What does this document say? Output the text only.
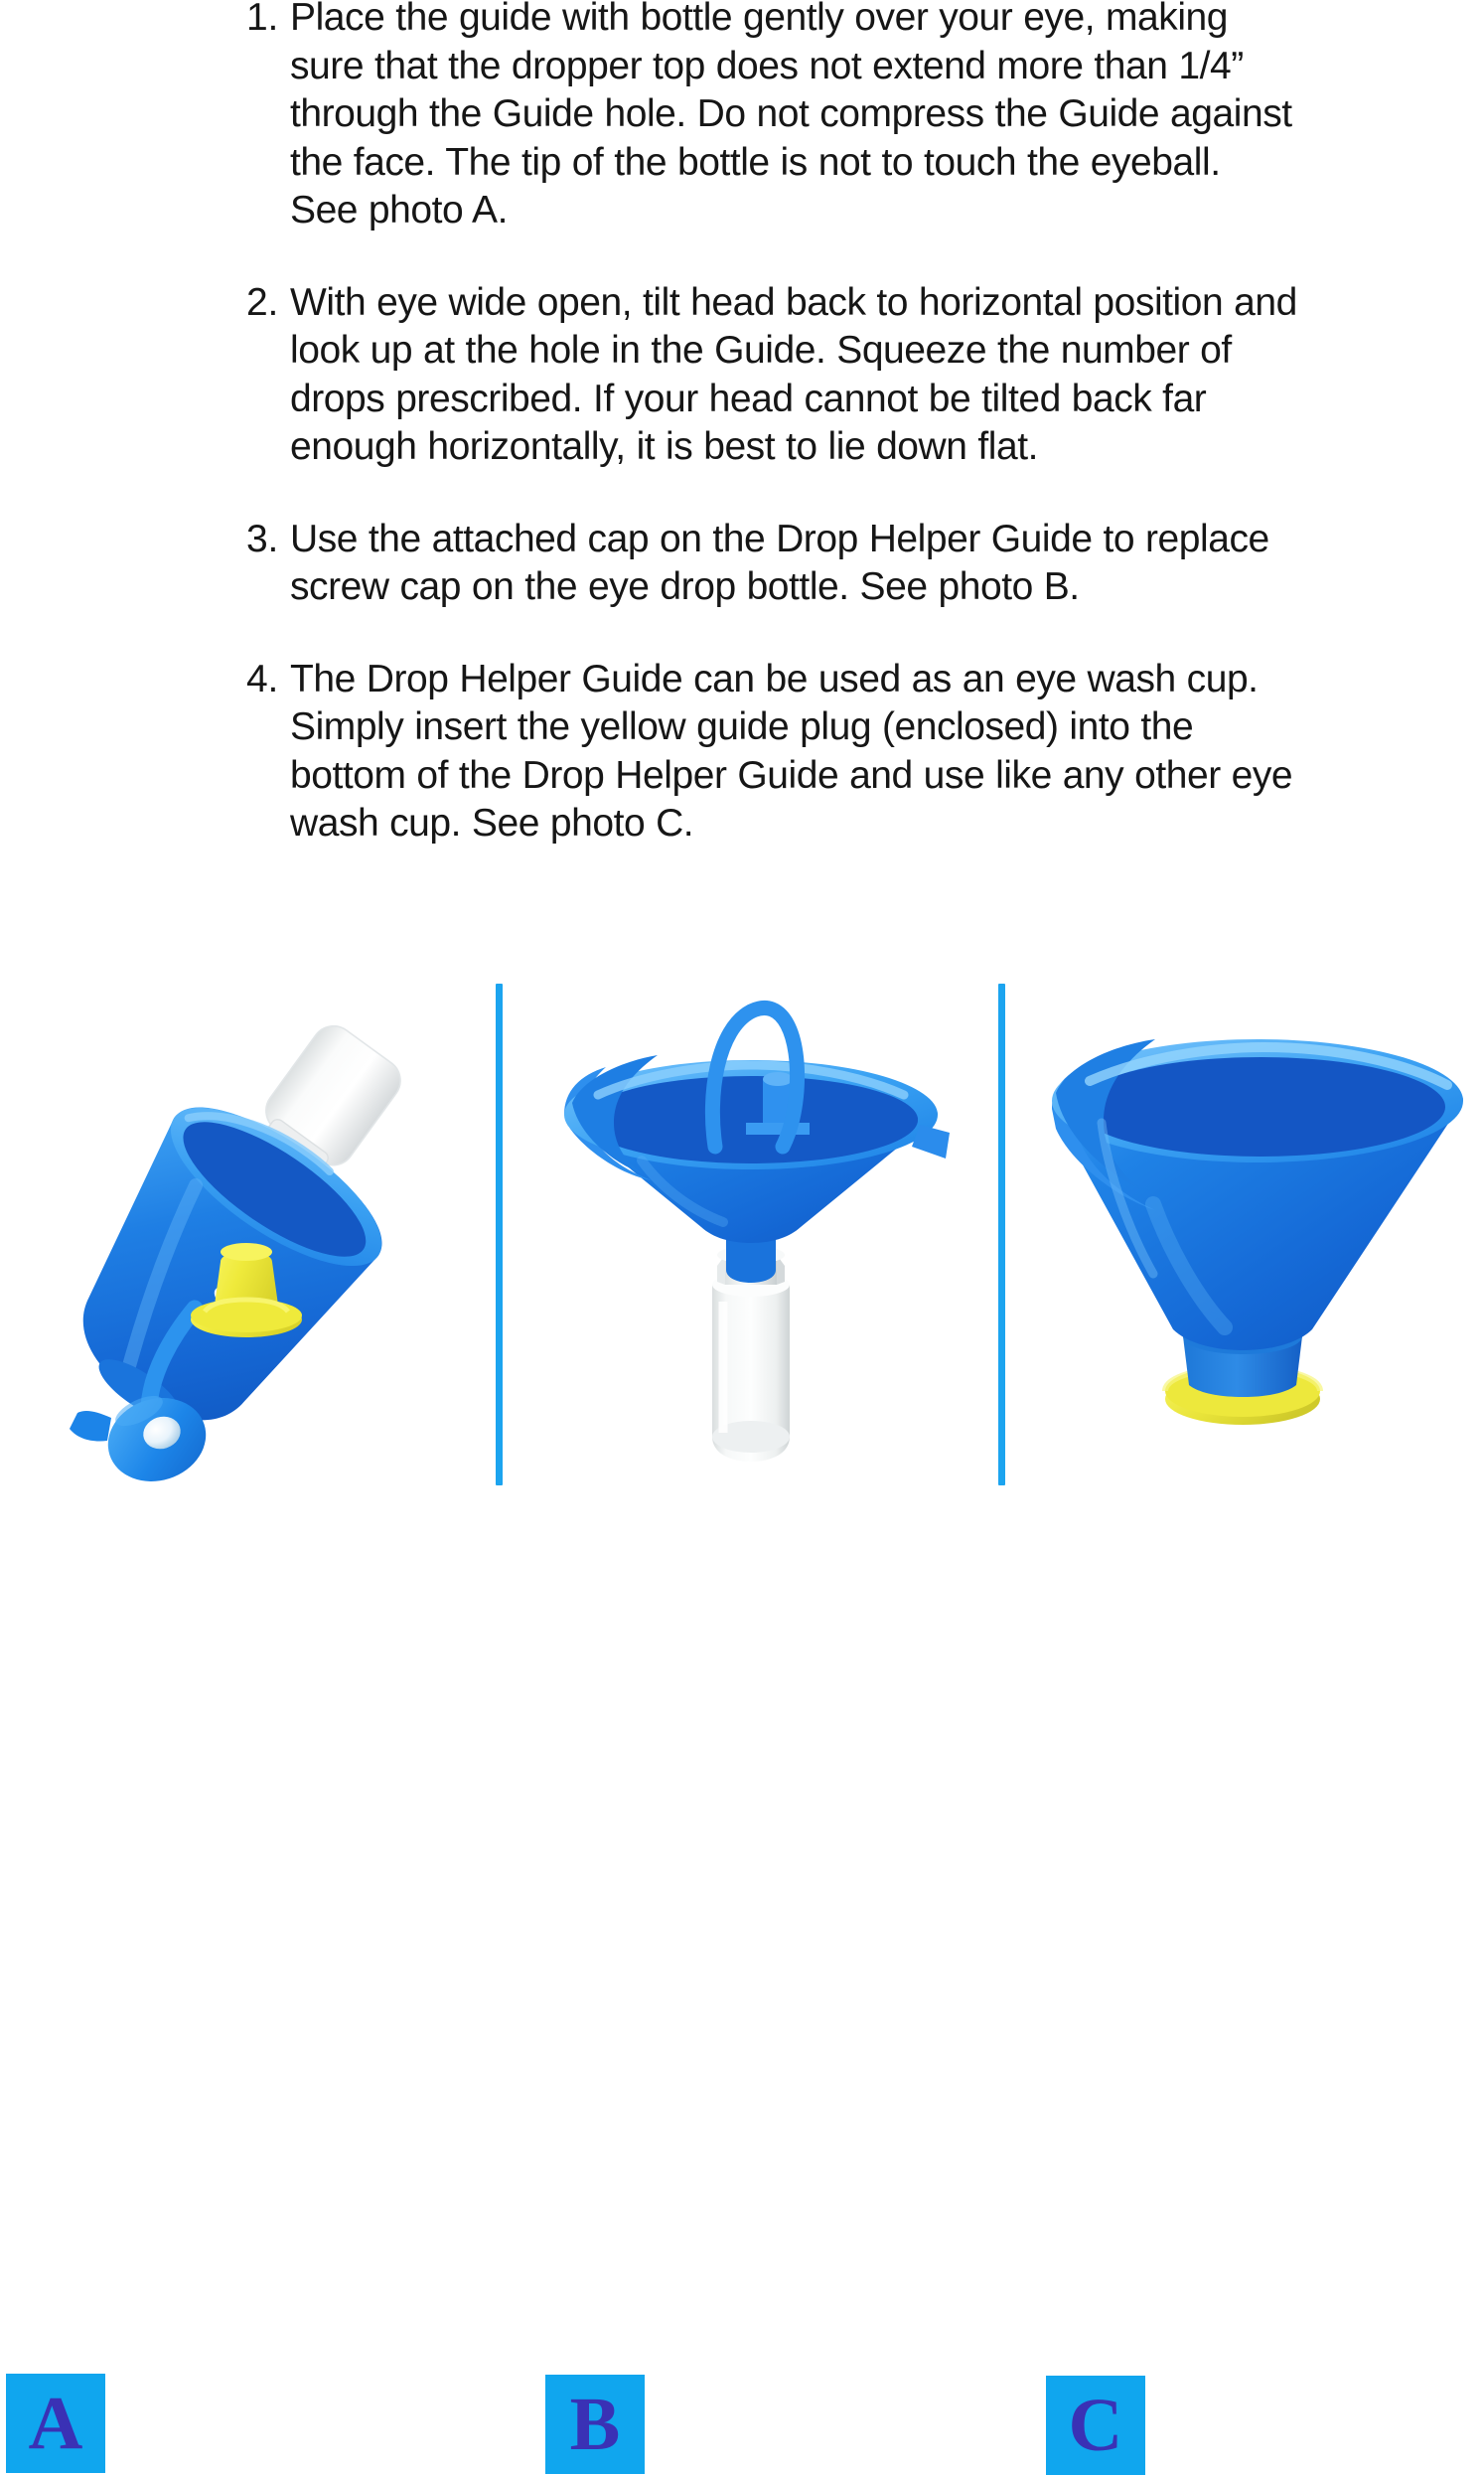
1. Place the guide with bottle gently over your eye, making sure that the dropper top does not extend more than 1/4” through the Guide hole. Do not compress the Guide against the face. The tip of the bottle is not to touch the eyeball. See photo A.
2. With eye wide open, tilt head back to horizontal position and look up at the hole in the Guide. Squeeze the number of drops prescribed. If your head cannot be tilted back far enough horizontally, it is best to lie down flat.
3. Use the attached cap on the Drop Helper Guide to replace screw cap on the eye drop bottle. See photo B.
4. The Drop Helper Guide can be used as an eye wash cup. Simply insert the yellow guide plug (enclosed) into the bottom of the Drop Helper Guide and use like any other eye wash cup. See photo C.
A	B	C
